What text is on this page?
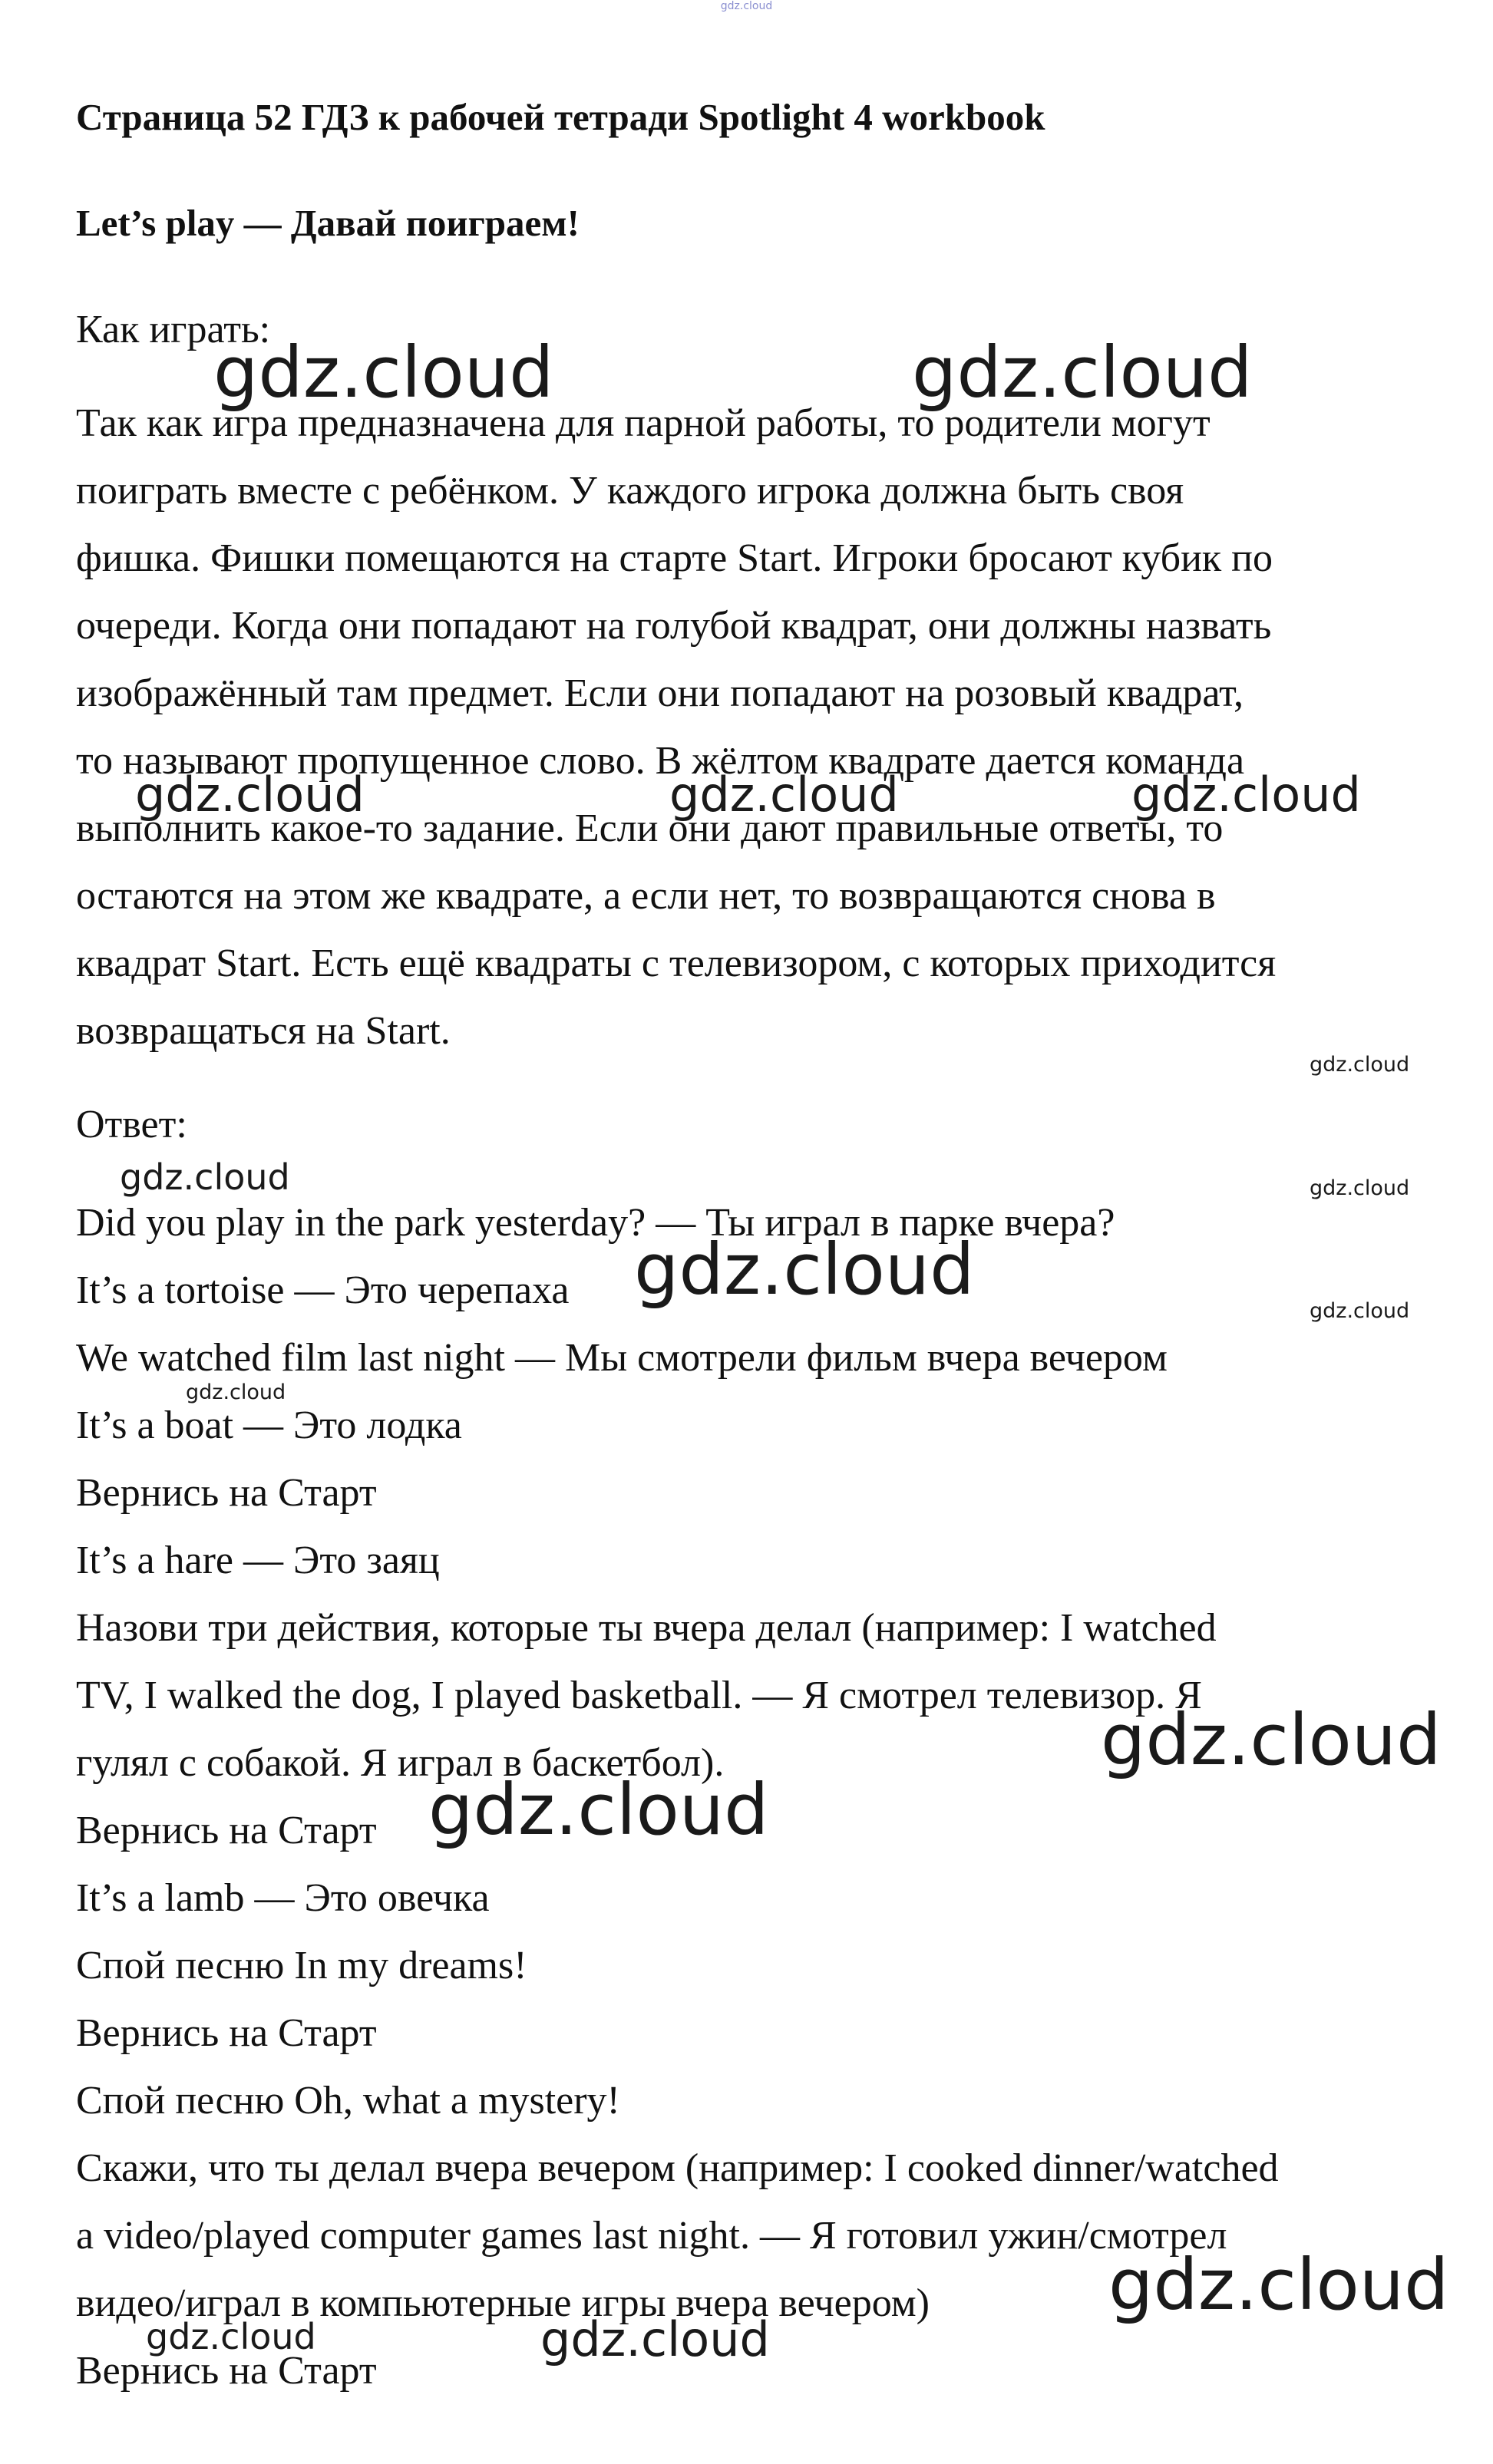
gdz.cloud
Страница 52 ГДЗ к рабочей тетради Spotlight 4 workbook
Let’s play — Давай поиграем!
Как играть:
Так как игра предназначена для парной работы, то родители могут
поиграть вместе с ребёнком. У каждого игрока должна быть своя
фишка. Фишки помещаются на старте Start. Игроки бросают кубик по
очереди. Когда они попадают на голубой квадрат, они должны назвать
изображённый там предмет. Если они попадают на розовый квадрат,
то называют пропущенное слово. В жёлтом квадрате дается команда
выполнить какое-то задание. Если они дают правильные ответы, то
остаются на этом же квадрате, а если нет, то возвращаются снова в
квадрат Start. Есть ещё квадраты с телевизором, с которых приходится
возвращаться на Start.
Ответ:
Did you play in the park yesterday? — Ты играл в парке вчера?
It’s a tortoise — Это черепаха
We watched film last night — Мы смотрели фильм вчера вечером
It’s a boat — Это лодка
Вернись на Старт
It’s a hare — Это заяц
Назови три действия, которые ты вчера делал (например: I watched
TV, I walked the dog, I played basketball. — Я смотрел телевизор. Я
гулял с собакой. Я играл в баскетбол).
Вернись на Старт
It’s a lamb — Это овечка
Спой песню In my dreams!
Вернись на Старт
Спой песню Oh, what a mystery!
Скажи, что ты делал вчера вечером (например: I cooked dinner/watched
a video/played computer games last night. — Я готовил ужин/смотрел
видео/играл в компьютерные игры вчера вечером)
Вернись на Старт
gdz.cloud	gdz.cloud
gdz.cloud	gdz.cloud	gdz.cloud
gdz.cloud
gdz.cloud	gdz.cloud
gdz.cloud
gdz.cloud
gdz.cloud
gdz.cloud
gdz.cloud
gdz.cloud
gdz.cloud	gdz.cloud
